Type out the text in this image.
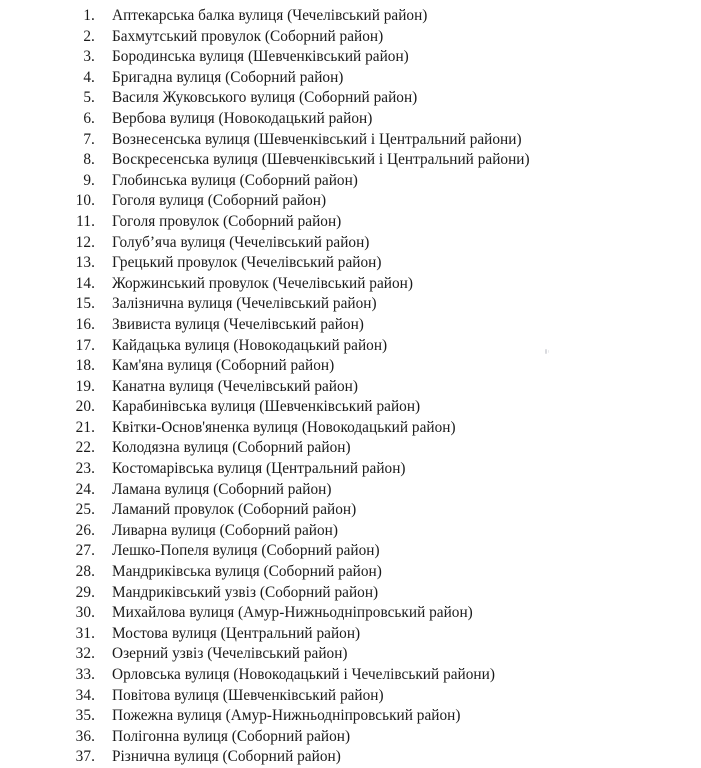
1. Аптекарська балка вулиця (Чечелівський район)
2. Бахмутський провулок (Соборний район)
3. Бородинська вулиця (Шевченківський район)
4. Бригадна вулиця (Соборний район)
5. Василя Жуковського вулиця (Соборний район)
6. Вербова вулиця (Новокодацький район)
7. Вознесенська вулиця (Шевченківський і Центральний райони)
8. Воскресенська вулиця (Шевченківський і Центральний райони)
9. Глобинська вулиця (Соборний район)
10. Гоголя вулиця (Соборний район)
11. Гоголя провулок (Соборний район)
12. Голуб’яча вулиця (Чечелівський район)
13. Грецький провулок (Чечелівський район)
14. Жоржинський провулок (Чечелівський район)
15. Залізнична вулиця (Чечелівський район)
16. Звивиста вулиця (Чечелівський район)
17. Кайдацька вулиця (Новокодацький район)
18. Кам'яна вулиця (Соборний район)
19. Канатна вулиця (Чечелівський район)
20. Карабинівська вулиця (Шевченківський район)
21. Квітки-Основ'яненка вулиця (Новокодацький район)
22. Колодязна вулиця (Соборний район)
23. Костомарівська вулиця (Центральний район)
24. Ламана вулиця (Соборний район)
25. Ламаний провулок (Соборний район)
26. Ливарна вулиця (Соборний район)
27. Лешко-Попеля вулиця (Соборний район)
28. Мандриківська вулиця (Соборний район)
29. Мандриківський узвіз (Соборний район)
30. Михайлова вулиця (Амур-Нижньодніпровський район)
31. Мостова вулиця (Центральний район)
32. Озерний узвіз (Чечелівський район)
33. Орловська вулиця (Новокодацький і Чечелівський райони)
34. Повітова вулиця (Шевченківський район)
35. Пожежна вулиця (Амур-Нижньодніпровський район)
36. Полігонна вулиця (Соборний район)
37. Різнична вулиця (Соборний район)
